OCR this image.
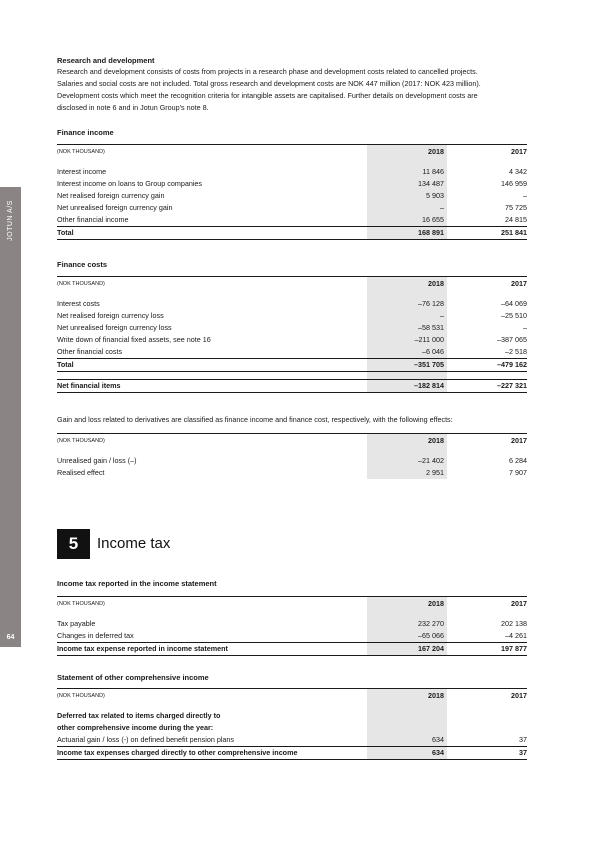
JOTUN A/S
64

Research and development

Research and development consists of costs from projects in a research phase and development costs related to cancelled projects.

Salaries and social costs are not included. Total gross research and development costs are NOK 447 million (2017: NOK 423 million).

Development costs which meet the recognition criteria for intangible assets are capitalised. Further details on development costs are

disclosed in note 6 and in Jotun Group's note 8.

Finance income

(NOK THOUSAND)	2018	2017

Interest income	11 846	4 342
Interest income on loans to Group companies	134 487	146 959
Net realised foreign currency gain	5 903	–
Net unrealised foreign currency gain	–	75 725
Other financial income	16 655	24 815
Total	168 891	251 841

Finance costs

(NOK THOUSAND)	2018	2017

Interest costs	–76 128	–64 069
Net realised foreign currency loss	–	–25 510
Net unrealised foreign currency loss	–58 531	–
Write down of financial fixed assets, see note 16	–211 000	–387 065
Other financial costs	–6 046	–2 518
Total	–351 705	–479 162

Net financial items	–182 814	–227 321

Gain and loss related to derivatives are classified as finance income and finance cost, respectively, with the following effects:

(NOK THOUSAND)	2018	2017

Unrealised gain / loss (–)	–21 402	6 284
Realised effect	2 951	7 907
5	Income tax

Income tax reported in the income statement

(NOK THOUSAND)	2018	2017

Tax payable	232 270	202 138
Changes in deferred tax	–65 066	–4 261
Income tax expense reported in income statement	167 204	197 877

Statement of other comprehensive income

(NOK THOUSAND)	2018	2017

Deferred tax related to items charged directly to		
other comprehensive income during the year:		
Actuarial gain / loss (-) on defined benefit pension plans	634	37
Income tax expenses charged directly to other comprehensive income	634	37
